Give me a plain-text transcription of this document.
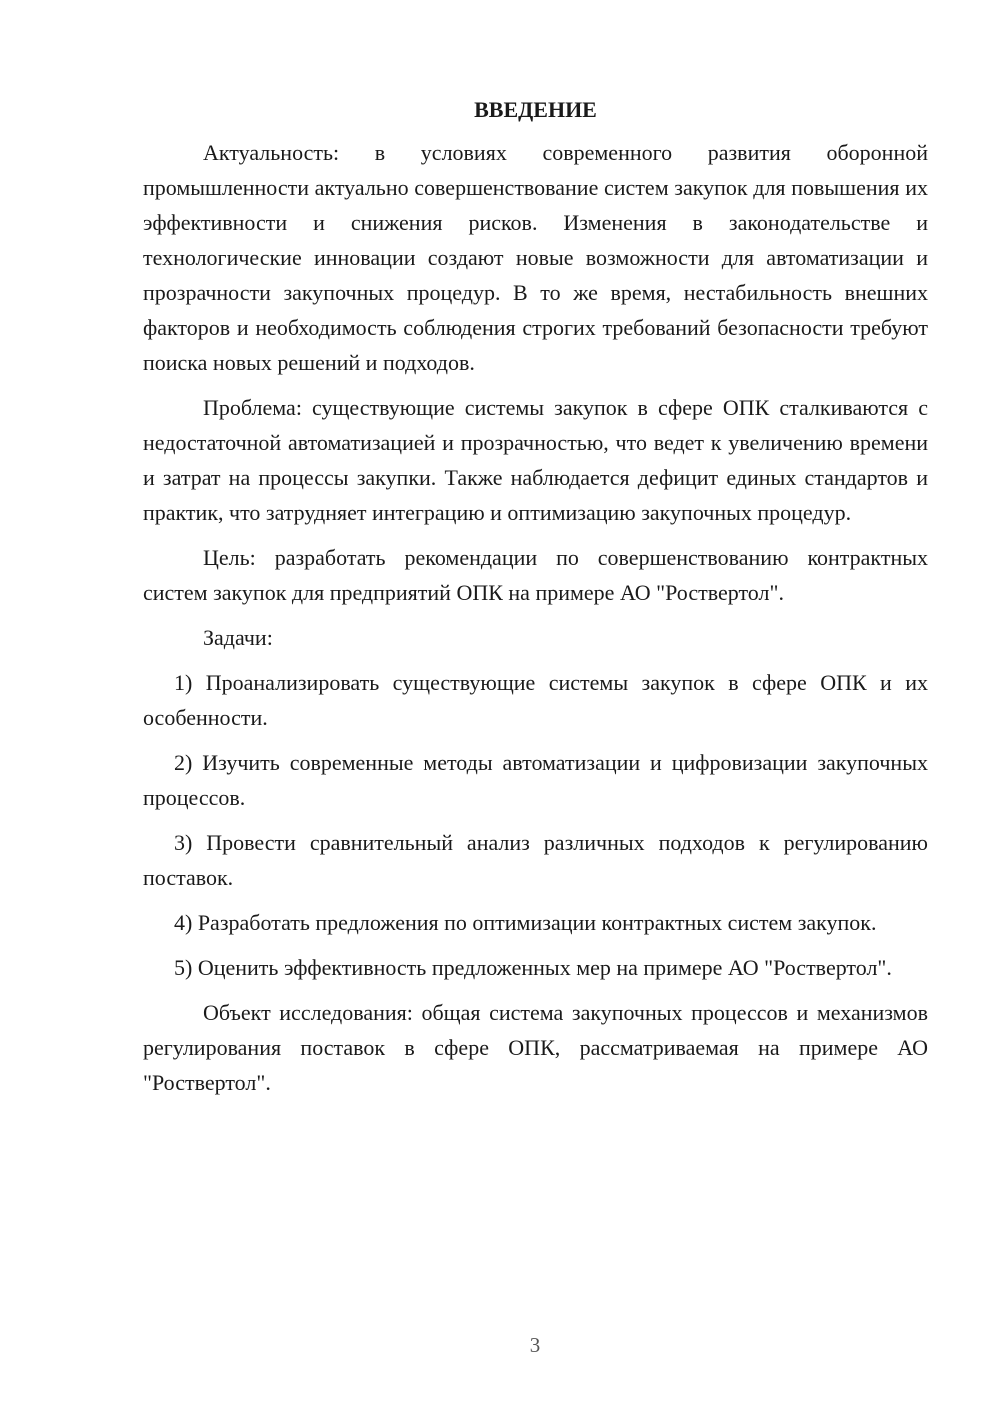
ВВЕДЕНИЕ

Актуальность: в условиях современного развития оборонной промышленности актуально совершенствование систем закупок для повышения их эффективности и снижения рисков. Изменения в законодательстве и технологические инновации создают новые возможности для автоматизации и прозрачности закупочных процедур. В то же время, нестабильность внешних факторов и необходимость соблюдения строгих требований безопасности требуют поиска новых решений и подходов.

Проблема: существующие системы закупок в сфере ОПК сталкиваются с недостаточной автоматизацией и прозрачностью, что ведет к увеличению времени и затрат на процессы закупки. Также наблюдается дефицит единых стандартов и практик, что затрудняет интеграцию и оптимизацию закупочных процедур.

Цель: разработать рекомендации по совершенствованию контрактных систем закупок для предприятий ОПК на примере АО "Роствертол".

Задачи:

1) Проанализировать существующие системы закупок в сфере ОПК и их особенности.

2) Изучить современные методы автоматизации и цифровизации закупочных процессов.

3) Провести сравнительный анализ различных подходов к регулированию поставок.

4) Разработать предложения по оптимизации контрактных систем закупок.

5) Оценить эффективность предложенных мер на примере АО "Роствертол".

Объект исследования: общая система закупочных процессов и механизмов регулирования поставок в сфере ОПК, рассматриваемая на примере АО "Роствертол".

3
